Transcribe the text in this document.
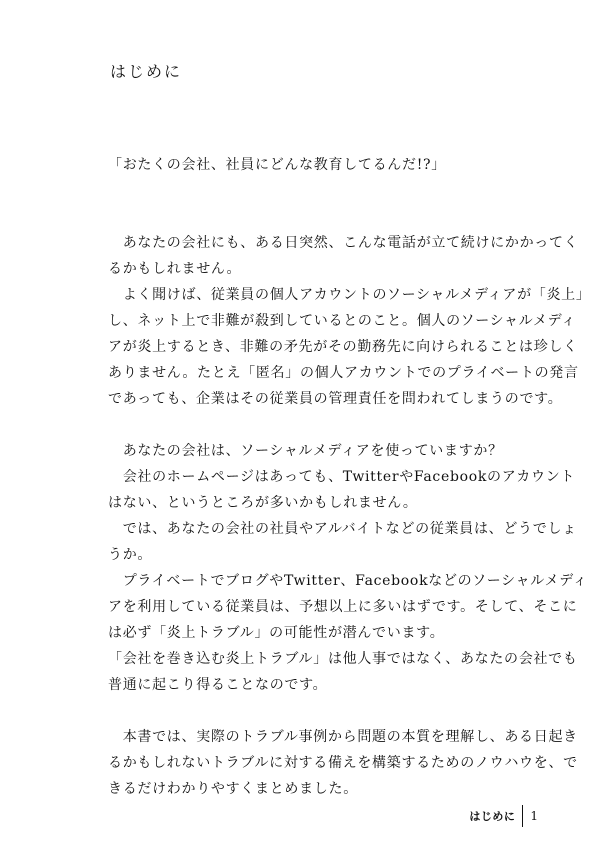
はじめに
「おたくの会社、社員にどんな教育してるんだ!?」
　あなたの会社にも、ある日突然、こんな電話が立て続けにかかってく
るかもしれません。
　よく聞けば、従業員の個人アカウントのソーシャルメディアが「炎上」
し、ネット上で非難が殺到しているとのこと。個人のソーシャルメディ
アが炎上するとき、非難の矛先がその勤務先に向けられることは珍しく
ありません。たとえ「匿名」の個人アカウントでのプライベートの発言
であっても、企業はその従業員の管理責任を問われてしまうのです。
　あなたの会社は、ソーシャルメディアを使っていますか？
　会社のホームページはあっても、TwitterやFacebookのアカウント
はない、というところが多いかもしれません。
　では、あなたの会社の社員やアルバイトなどの従業員は、どうでしょ
うか。
　プライベートでブログやTwitter、Facebookなどのソーシャルメディ
アを利用している従業員は、予想以上に多いはずです。そして、そこに
は必ず「炎上トラブル」の可能性が潜んでいます。
「会社を巻き込む炎上トラブル」は他人事ではなく、あなたの会社でも
普通に起こり得ることなのです。
　本書では、実際のトラブル事例から問題の本質を理解し、ある日起き
るかもしれないトラブルに対する備えを構築するためのノウハウを、で
きるだけわかりやすくまとめました。
はじめに 1
